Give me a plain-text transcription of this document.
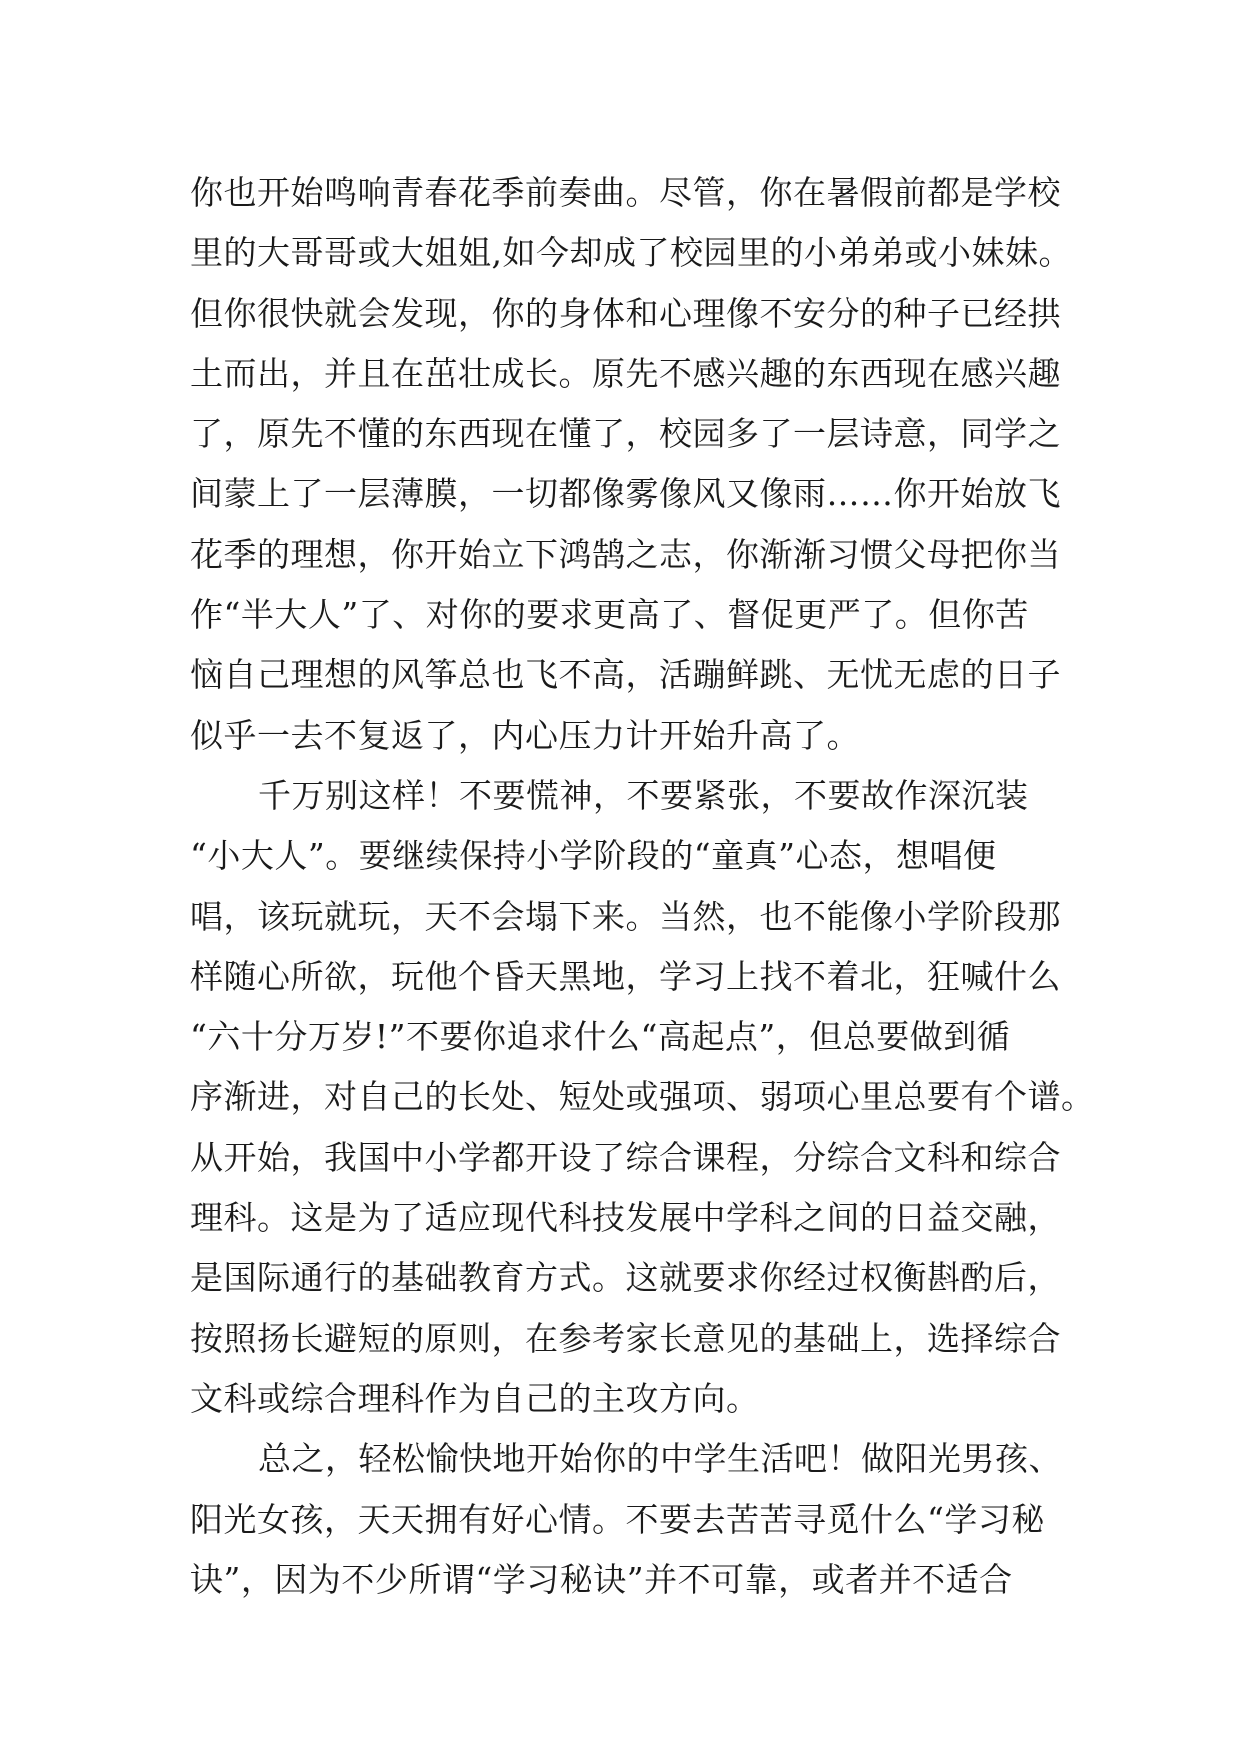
你也开始鸣响青春花季前奏曲。尽管，你在暑假前都是学校
里的大哥哥或大姐姐,如今却成了校园里的小弟弟或小妹妹。
但你很快就会发现，你的身体和心理像不安分的种子已经拱
土而出，并且在茁壮成长。原先不感兴趣的东西现在感兴趣
了，原先不懂的东西现在懂了，校园多了一层诗意，同学之
间蒙上了一层薄膜，一切都像雾像风又像雨……你开始放飞
花季的理想，你开始立下鸿鹄之志，你渐渐习惯父母把你当
作“半大人”了、对你的要求更高了、督促更严了。但你苦
恼自己理想的风筝总也飞不高，活蹦鲜跳、无忧无虑的日子
似乎一去不复返了，内心压力计开始升高了。
千万别这样！不要慌神，不要紧张，不要故作深沉装
“小大人”。要继续保持小学阶段的“童真”心态，想唱便
唱，该玩就玩，天不会塌下来。当然，也不能像小学阶段那
样随心所欲，玩他个昏天黑地，学习上找不着北，狂喊什么
“六十分万岁!”不要你追求什么“高起点”，但总要做到循
序渐进，对自己的长处、短处或强项、弱项心里总要有个谱。
从开始，我国中小学都开设了综合课程，分综合文科和综合
理科。这是为了适应现代科技发展中学科之间的日益交融，
是国际通行的基础教育方式。这就要求你经过权衡斟酌后，
按照扬长避短的原则，在参考家长意见的基础上，选择综合
文科或综合理科作为自己的主攻方向。
总之，轻松愉快地开始你的中学生活吧！做阳光男孩、
阳光女孩，天天拥有好心情。不要去苦苦寻觅什么“学习秘
诀”，因为不少所谓“学习秘诀”并不可靠，或者并不适合
